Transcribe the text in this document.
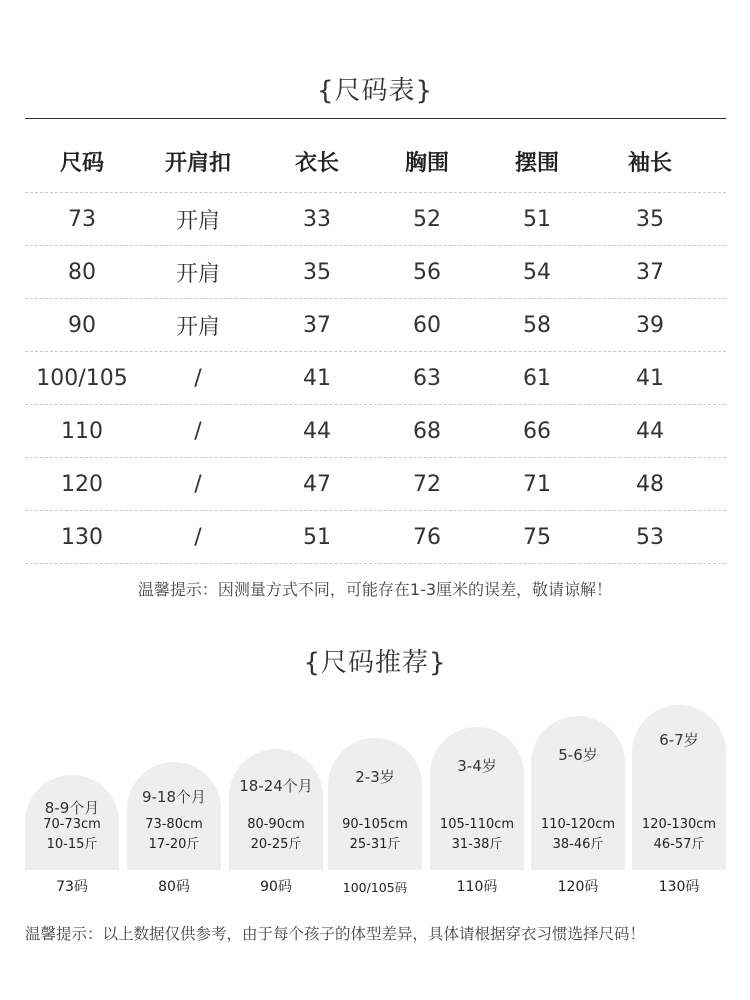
{尺码表}
尺码	开肩扣	衣长	胸围	摆围	袖长
73	开肩	33	52	51	35
80	开肩	35	56	54	37
90	开肩	37	60	58	39
100/105	/	41	63	61	41
110	/	44	68	66	44
120	/	47	72	71	48
130	/	51	76	75	53
温馨提示：因测量方式不同，可能存在1-3厘米的误差，敬请谅解！
{尺码推荐}
8-9个月
70-73cm
10-15斤
73码
9-18个月
73-80cm
17-20斤
80码
18-24个月
80-90cm
20-25斤
90码
2-3岁
90-105cm
25-31斤
100/105码
3-4岁
105-110cm
31-38斤
110码
5-6岁
110-120cm
38-46斤
120码
6-7岁
120-130cm
46-57斤
130码
温馨提示：以上数据仅供参考，由于每个孩子的体型差异，具体请根据穿衣习惯选择尺码！
